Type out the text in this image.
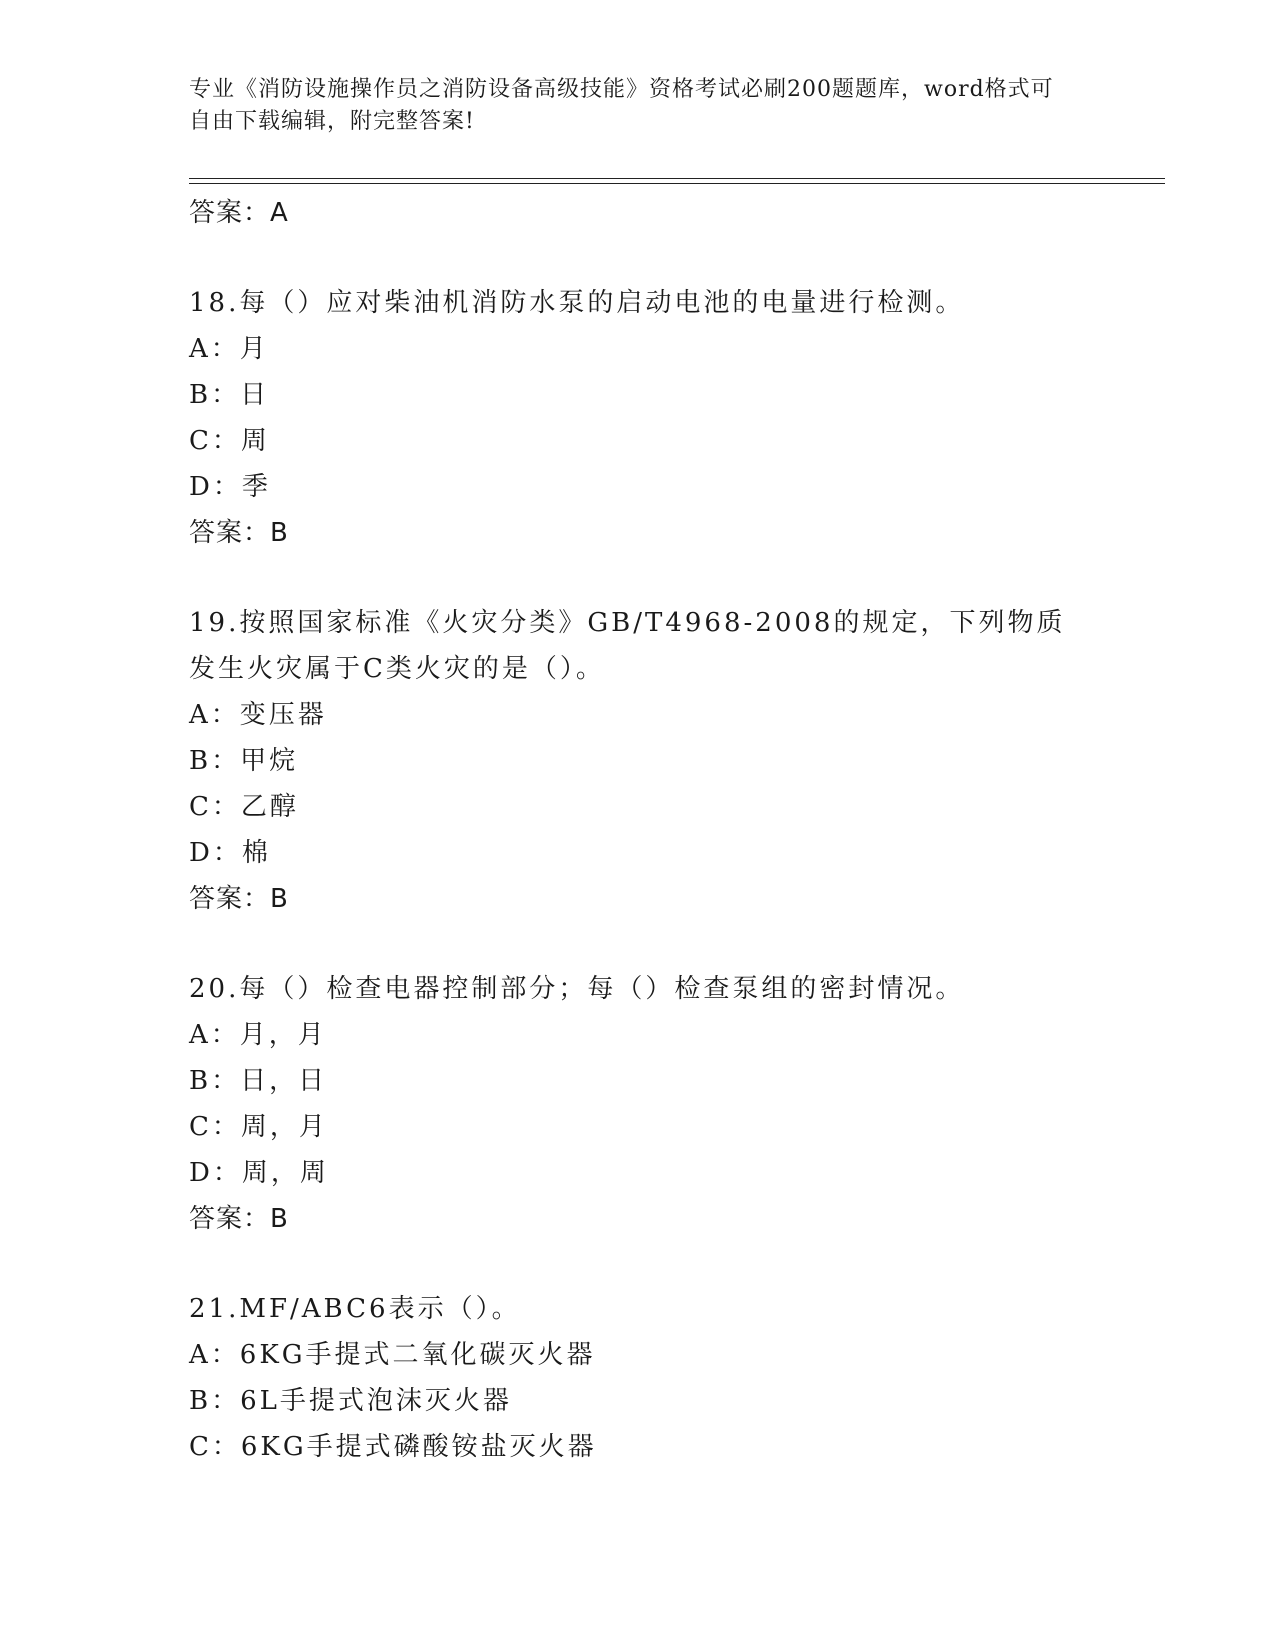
专业《消防设施操作员之消防设备高级技能》资格考试必刷200题题库，word格式可自由下载编辑，附完整答案!
答案：A
18.每（）应对柴油机消防水泵的启动电池的电量进行检测。
A：月
B：日
C：周
D：季
答案：B
19.按照国家标准《火灾分类》GB/T4968-2008的规定，下列物质发生火灾属于C类火灾的是（）。
A：变压器
B：甲烷
C：乙醇
D：棉
答案：B
20.每（）检查电器控制部分；每（）检查泵组的密封情况。
A：月，月
B：日，日
C：周，月
D：周，周
答案：B
21.MF/ABC6表示（）。
A：6KG手提式二氧化碳灭火器
B：6L手提式泡沫灭火器
C：6KG手提式磷酸铵盐灭火器
